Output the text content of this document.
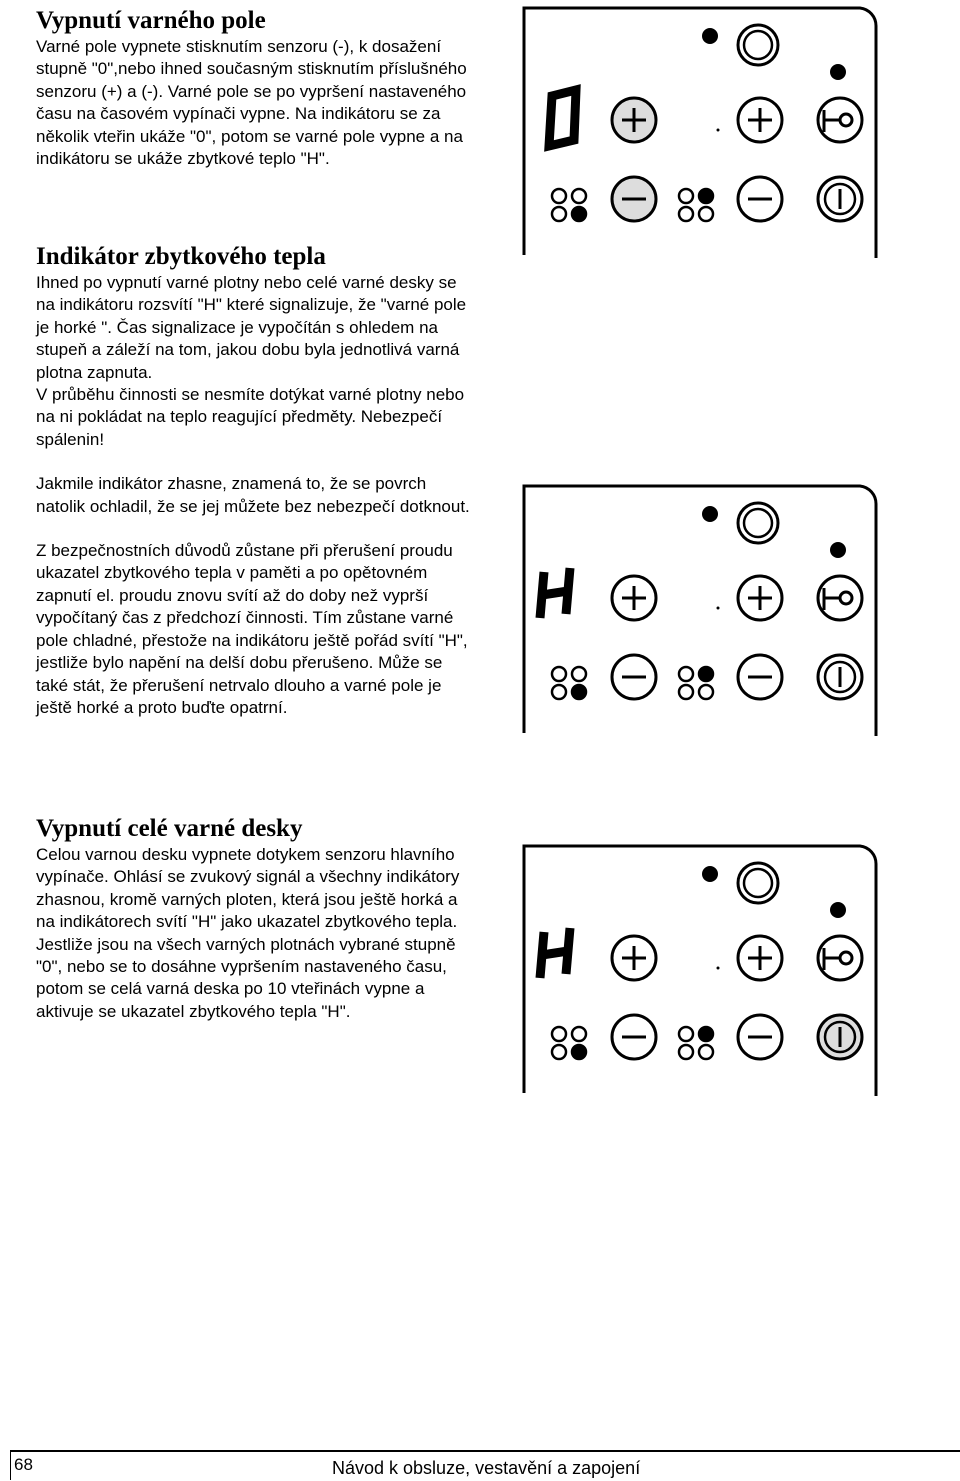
Vypnutí varného pole

Varné pole vypnete stisknutím senzoru (-), k dosažení stupně "0",nebo ihned současným stisknutím příslušného senzoru (+) a (-). Varné pole se po vypršení nastaveného času na časovém vypínači vypne. Na indikátoru se za několik vteřin ukáže "0", potom se varné pole vypne a na indikátoru se ukáže zbytkové teplo "H".

Indikátor zbytkového tepla

Ihned po vypnutí varné plotny nebo celé varné desky se na indikátoru rozsvítí "H" které signalizuje, že "varné pole je horké ". Čas signalizace je vypočítán s ohledem na stupeň a záleží na tom, jakou dobu byla jednotlivá varná plotna zapnuta.

V průběhu činnosti se nesmíte dotýkat varné plotny nebo na ni pokládat na teplo reagující předměty. Nebezpečí spálenin!

Jakmile indikátor zhasne, znamená to, že se povrch natolik ochladil, že se jej můžete bez nebezpečí dotknout.

Z bezpečnostních důvodů zůstane při přerušení proudu ukazatel zbytkového tepla v paměti a po opětovném zapnutí el. proudu znovu svítí až do doby než vyprší vypočítaný čas z předchozí činnosti. Tím zůstane varné pole chladné, přestože na indikátoru ještě pořád svítí "H", jestliže bylo napění na delší dobu přerušeno. Může se také stát, že přerušení netrvalo dlouho a varné pole je ještě horké a proto buďte opatrní.

Vypnutí celé varné desky

Celou varnou desku vypnete dotykem senzoru hlavního vypínače. Ohlásí se zvukový signál a všechny indikátory zhasnou, kromě varných ploten, která jsou ještě horká a na indikátorech svítí "H" jako ukazatel zbytkového tepla. Jestliže jsou na všech varných plotnách vybrané stupně "0", nebo se to dosáhne vypršením nastaveného času, potom se celá varná deska po 10 vteřinách vypne a aktivuje se ukazatel zbytkového tepla "H".

68	Návod k obsluze, vestavění a zapojení
